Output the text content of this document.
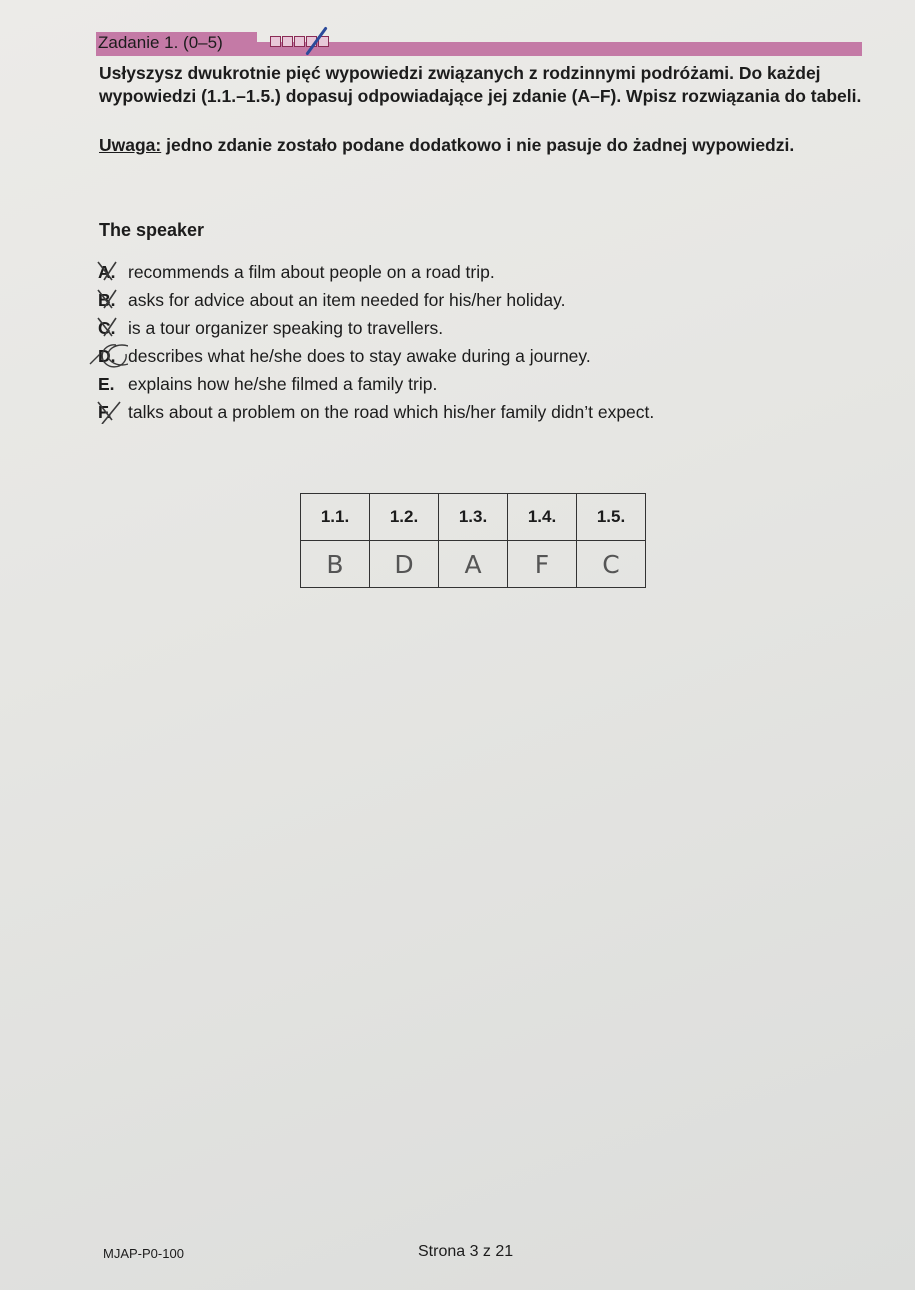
Zadanie 1. (0–5)
Usłyszysz dwukrotnie pięć wypowiedzi związanych z rodzinnymi podróżami. Do każdej wypowiedzi (1.1.–1.5.) dopasuj odpowiadające jej zdanie (A–F). Wpisz rozwiązania do tabeli.
Uwaga: jedno zdanie zostało podane dodatkowo i nie pasuje do żadnej wypowiedzi.
The speaker
A. recommends a film about people on a road trip.
B. asks for advice about an item needed for his/her holiday.
C. is a tour organizer speaking to travellers.
D. describes what he/she does to stay awake during a journey.
E. explains how he/she filmed a family trip.
F. talks about a problem on the road which his/her family didn’t expect.
1.1.	1.2.	1.3.	1.4.	1.5.
B	D	A	F	C
MJAP-P0-100	Strona 3 z 21
